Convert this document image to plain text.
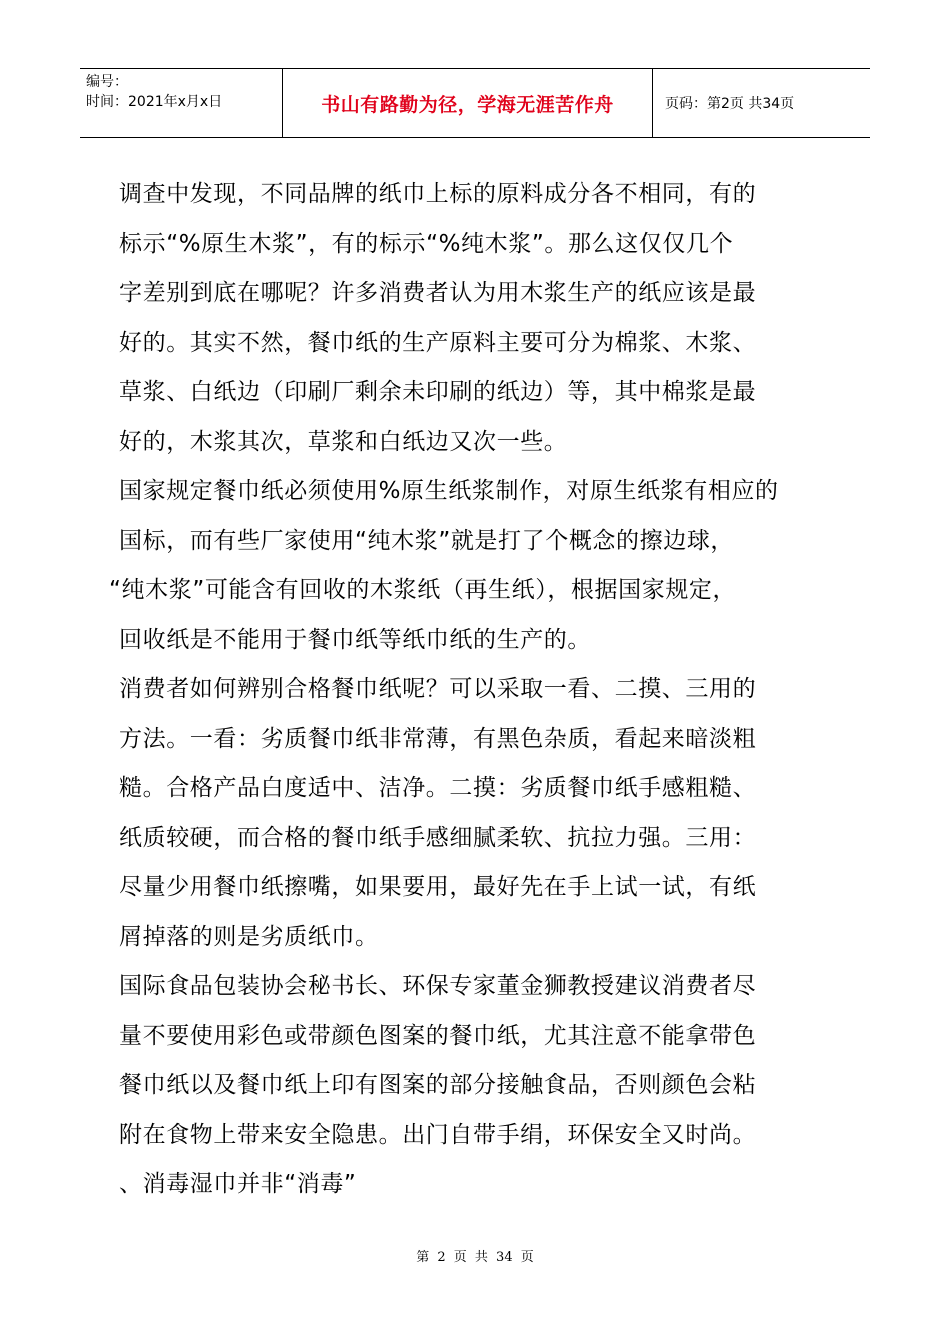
编号：
时间：2021年x月x日	书山有路勤为径，学海无涯苦作舟	页码：第2页 共34页

调查中发现，不同品牌的纸巾上标的原料成分各不相同，有的

标示“%原生木浆”，有的标示“%纯木浆”。那么这仅仅几个

字差别到底在哪呢？许多消费者认为用木浆生产的纸应该是最

好的。其实不然，餐巾纸的生产原料主要可分为棉浆、木浆、

草浆、白纸边（印刷厂剩余未印刷的纸边）等，其中棉浆是最

好的，木浆其次，草浆和白纸边又次一些。

国家规定餐巾纸必须使用%原生纸浆制作，对原生纸浆有相应的

国标，而有些厂家使用“纯木浆”就是打了个概念的擦边球，

“纯木浆”可能含有回收的木浆纸（再生纸），根据国家规定，

回收纸是不能用于餐巾纸等纸巾纸的生产的。

消费者如何辨别合格餐巾纸呢？可以采取一看、二摸、三用的

方法。一看：劣质餐巾纸非常薄，有黑色杂质，看起来暗淡粗

糙。合格产品白度适中、洁净。二摸：劣质餐巾纸手感粗糙、

纸质较硬，而合格的餐巾纸手感细腻柔软、抗拉力强。三用：

尽量少用餐巾纸擦嘴，如果要用，最好先在手上试一试，有纸

屑掉落的则是劣质纸巾。

国际食品包装协会秘书长、环保专家董金狮教授建议消费者尽

量不要使用彩色或带颜色图案的餐巾纸，尤其注意不能拿带色

餐巾纸以及餐巾纸上印有图案的部分接触食品，否则颜色会粘

附在食物上带来安全隐患。出门自带手绢，环保安全又时尚。

、消毒湿巾并非“消毒”

第 2 页 共 34 页
